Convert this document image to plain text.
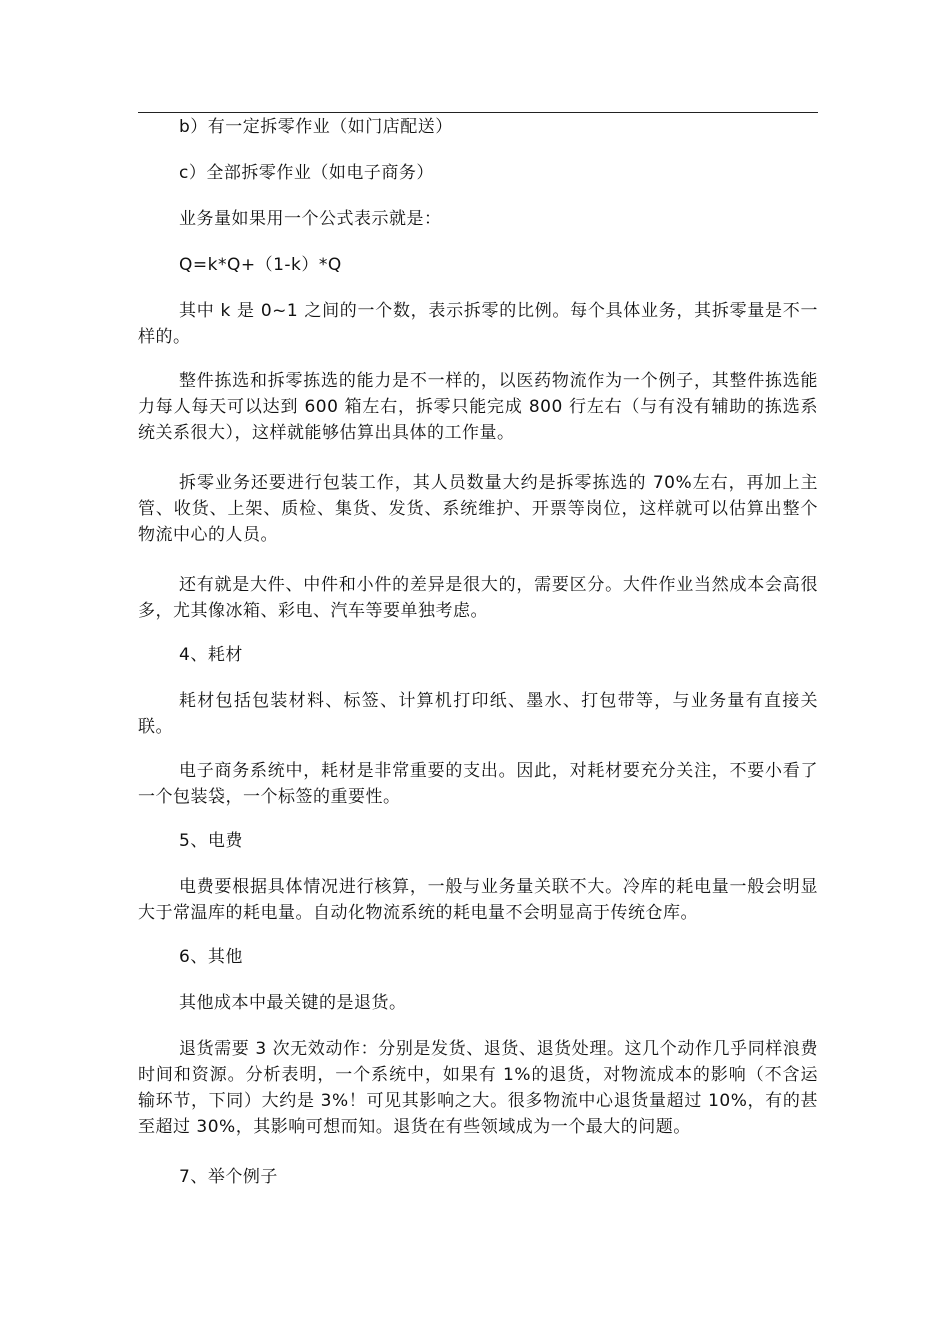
b）有一定拆零作业（如门店配送）

c）全部拆零作业（如电子商务）

业务量如果用一个公式表示就是：

Q=k*Q+（1-k）*Q

其中 k 是 0~1 之间的一个数，表示拆零的比例。每个具体业务，其拆零量是不一样的。

整件拣选和拆零拣选的能力是不一样的，以医药物流作为一个例子，其整件拣选能力每人每天可以达到 600 箱左右，拆零只能完成 800 行左右（与有没有辅助的拣选系统关系很大），这样就能够估算出具体的工作量。

拆零业务还要进行包装工作，其人员数量大约是拆零拣选的 70%左右，再加上主管、收货、上架、质检、集货、发货、系统维护、开票等岗位，这样就可以估算出整个物流中心的人员。

还有就是大件、中件和小件的差异是很大的，需要区分。大件作业当然成本会高很多，尤其像冰箱、彩电、汽车等要单独考虑。

4、耗材

耗材包括包装材料、标签、计算机打印纸、墨水、打包带等，与业务量有直接关联。

电子商务系统中，耗材是非常重要的支出。因此，对耗材要充分关注，不要小看了一个包装袋，一个标签的重要性。

5、电费

电费要根据具体情况进行核算，一般与业务量关联不大。冷库的耗电量一般会明显大于常温库的耗电量。自动化物流系统的耗电量不会明显高于传统仓库。

6、其他

其他成本中最关键的是退货。

退货需要 3 次无效动作：分别是发货、退货、退货处理。这几个动作几乎同样浪费时间和资源。分析表明，一个系统中，如果有 1%的退货，对物流成本的影响（不含运输环节，下同）大约是 3%！可见其影响之大。很多物流中心退货量超过 10%，有的甚至超过 30%，其影响可想而知。退货在有些领域成为一个最大的问题。

7、举个例子
